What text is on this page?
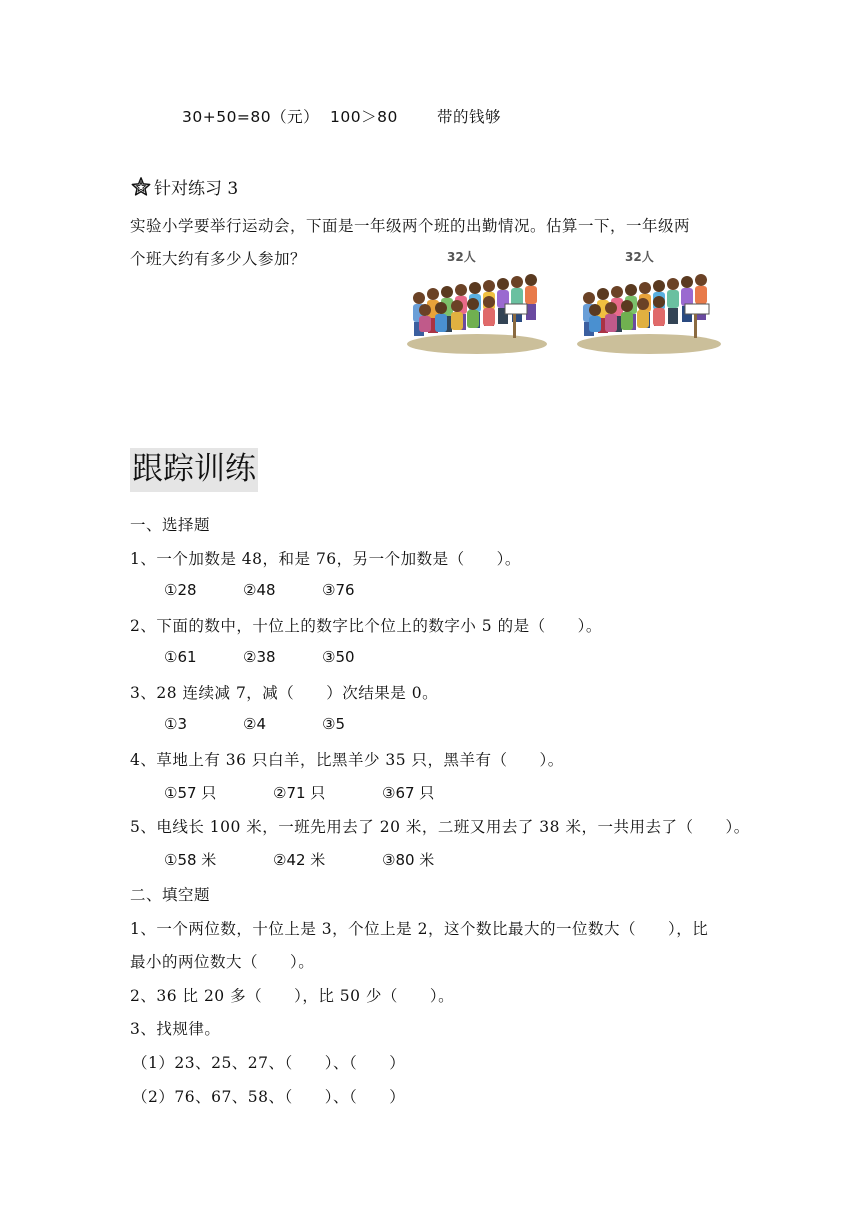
30+50=80（元） 100＞80	带的钱够
针对练习 3
实验小学要举行运动会，下面是一年级两个班的出勤情况。估算一下，一年级两
个班大约有多少人参加？	32人	32人
跟踪训练
一、选择题
1、一个加数是 48，和是 76，另一个加数是（　　）。
①28	②48	③76
2、下面的数中，十位上的数字比个位上的数字小 5 的是（　　）。
①61	②38	③50
3、28 连续减 7，减（　　）次结果是 0。
①3	②4	③5
4、草地上有 36 只白羊，比黑羊少 35 只，黑羊有（　　）。
①57 只	②71 只	③67 只
5、电线长 100 米，一班先用去了 20 米，二班又用去了 38 米，一共用去了（　　）。
①58 米	②42 米	③80 米
二、填空题
1、一个两位数，十位上是 3，个位上是 2，这个数比最大的一位数大（　　），比
最小的两位数大（　　）。
2、36 比 20 多（　　），比 50 少（　　）。
3、找规律。
（1）23、25、27、（　　）、（　　）
（2）76、67、58、（　　）、（　　）
